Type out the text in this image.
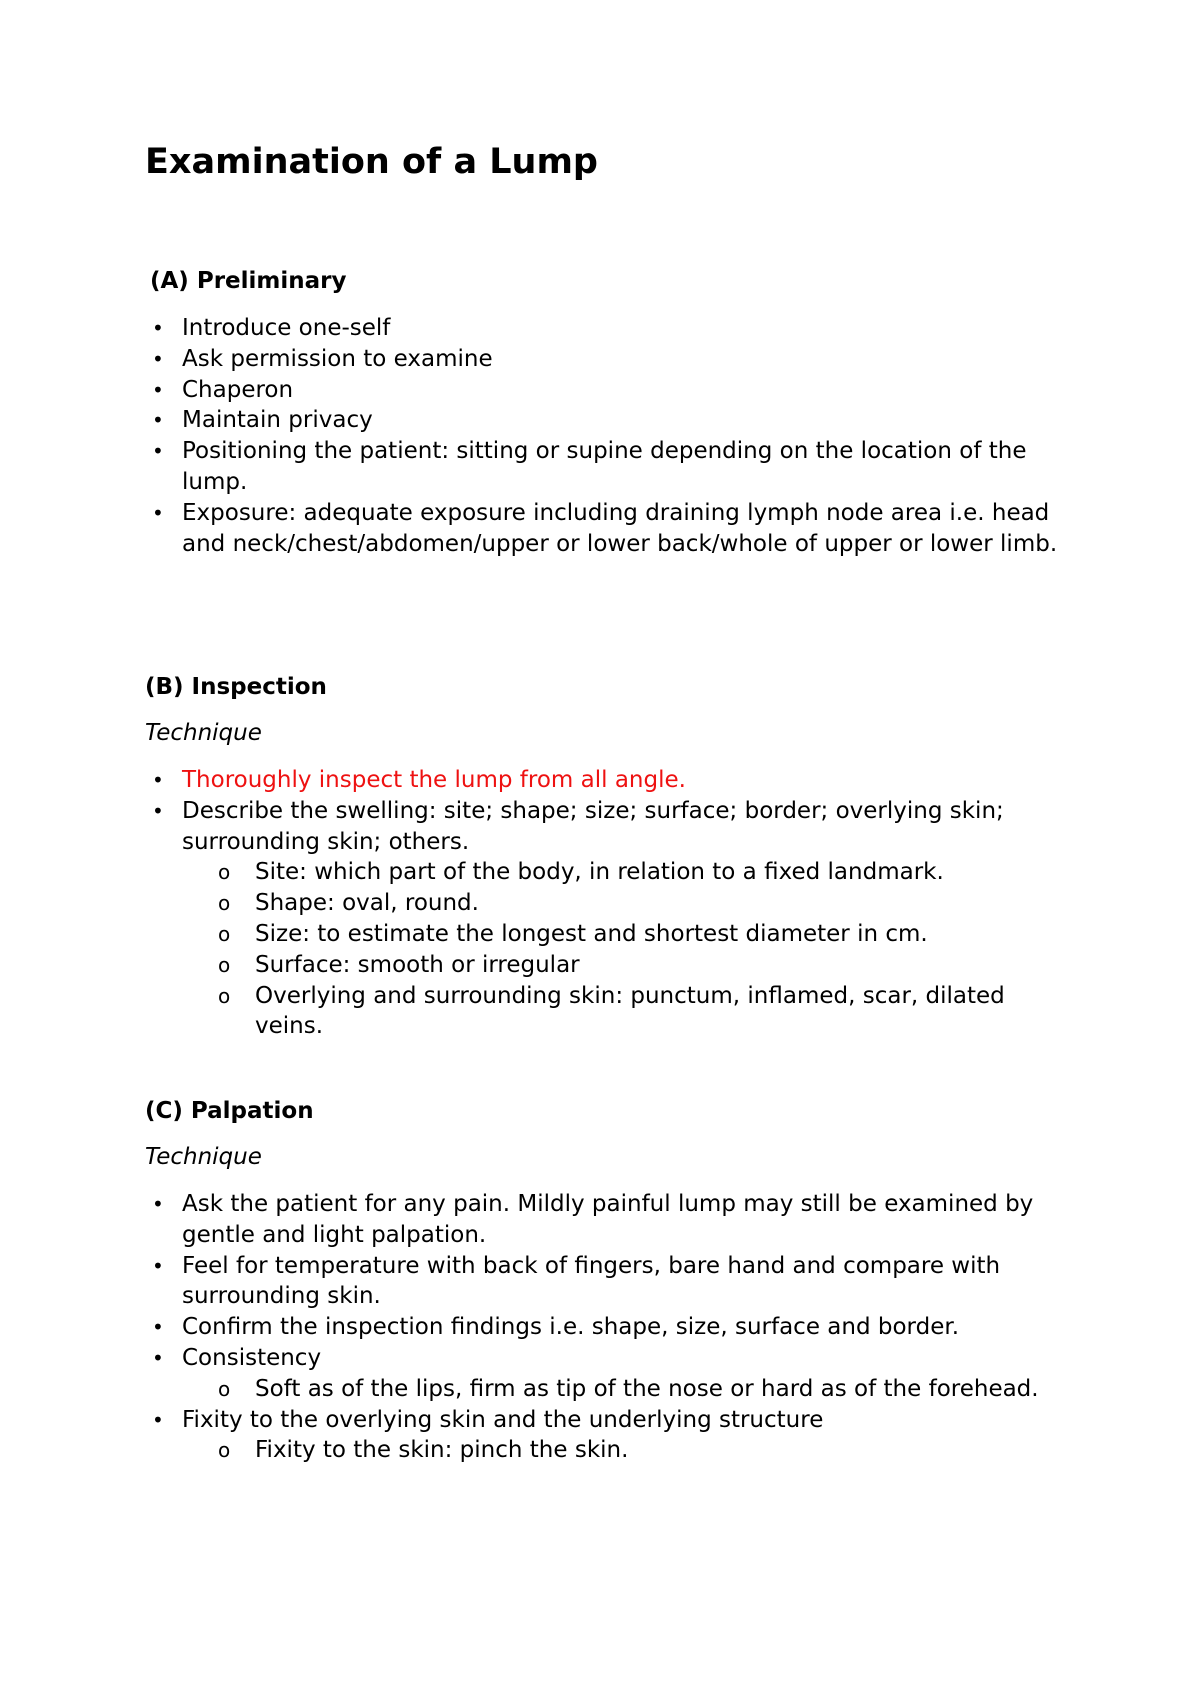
Examination of a Lump
(A) Preliminary
• Introduce one-self
• Ask permission to examine
• Chaperon
• Maintain privacy
• Positioning the patient: sitting or supine depending on the location of the lump.
• Exposure: adequate exposure including draining lymph node area i.e. head and neck/chest/abdomen/upper or lower back/whole of upper or lower limb.
(B) Inspection

Technique

• Thoroughly inspect the lump from all angle.
• Describe the swelling: site; shape; size; surface; border; overlying skin; surrounding skin; others.
o Site: which part of the body, in relation to a fixed landmark.
o Shape: oval, round.
o Size: to estimate the longest and shortest diameter in cm.
o Surface: smooth or irregular
o Overlying and surrounding skin: punctum, inflamed, scar, dilated veins.
(C) Palpation

Technique

• Ask the patient for any pain. Mildly painful lump may still be examined by gentle and light palpation.
• Feel for temperature with back of fingers, bare hand and compare with surrounding skin.
• Confirm the inspection findings i.e. shape, size, surface and border.
• Consistency
o Soft as of the lips, firm as tip of the nose or hard as of the forehead.
• Fixity to the overlying skin and the underlying structure
o Fixity to the skin: pinch the skin.
